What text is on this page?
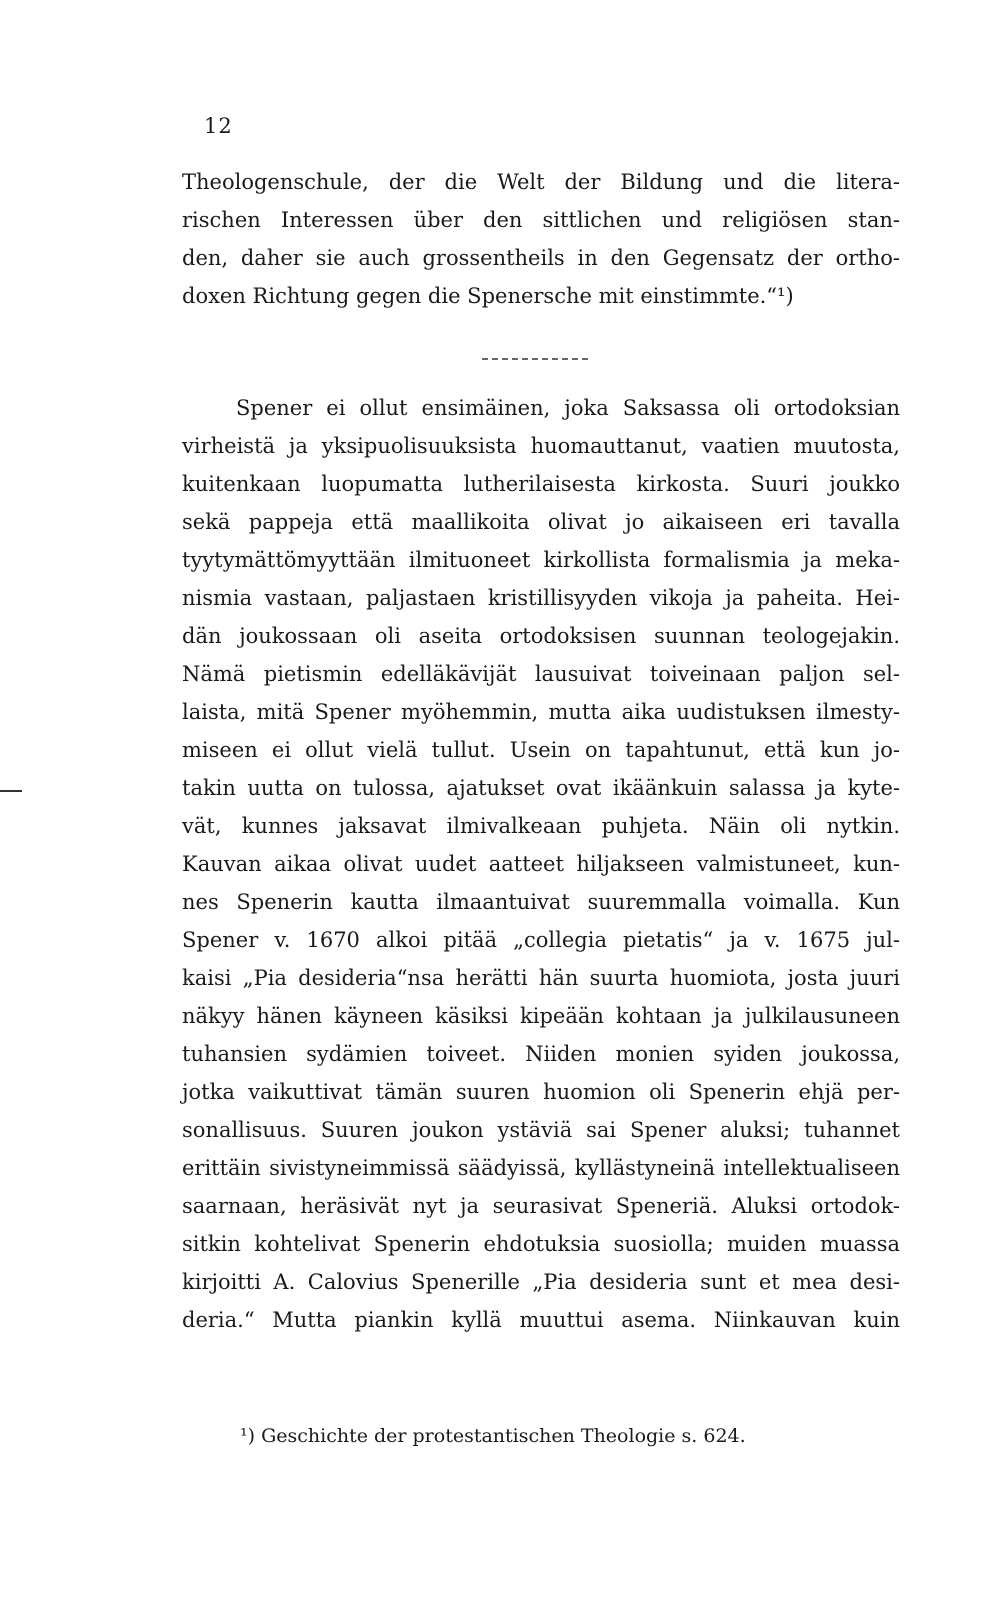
12
Theologenschule, der die Welt der Bildung und die litera-
rischen Interessen über den sittlichen und religiösen stan-
den, daher sie auch grossentheils in den Gegensatz der ortho-
doxen Richtung gegen die Spenersche mit einstimmte.“¹)
Spener ei ollut ensimäinen, joka Saksassa oli ortodoksian
virheistä ja yksipuolisuuksista huomauttanut, vaatien muutosta,
kuitenkaan luopumatta lutherilaisesta kirkosta. Suuri joukko
sekä pappeja että maallikoita olivat jo aikaiseen eri tavalla
tyytymättömyyttään ilmituoneet kirkollista formalismia ja meka-
nismia vastaan, paljastaen kristillisyyden vikoja ja paheita. Hei-
dän joukossaan oli aseita ortodoksisen suunnan teologejakin.
Nämä pietismin edelläkävijät lausuivat toiveinaan paljon sel-
laista, mitä Spener myöhemmin, mutta aika uudistuksen ilmesty-
miseen ei ollut vielä tullut. Usein on tapahtunut, että kun jo-
takin uutta on tulossa, ajatukset ovat ikäänkuin salassa ja kyte-
vät, kunnes jaksavat ilmivalkeaan puhjeta. Näin oli nytkin.
Kauvan aikaa olivat uudet aatteet hiljakseen valmistuneet, kun-
nes Spenerin kautta ilmaantuivat suuremmalla voimalla. Kun
Spener v. 1670 alkoi pitää „collegia pietatis“ ja v. 1675 jul-
kaisi „Pia desideria“nsa herätti hän suurta huomiota, josta juuri
näkyy hänen käyneen käsiksi kipeään kohtaan ja julkilausuneen
tuhansien sydämien toiveet. Niiden monien syiden joukossa,
jotka vaikuttivat tämän suuren huomion oli Spenerin ehjä per-
sonallisuus. Suuren joukon ystäviä sai Spener aluksi; tuhannet
erittäin sivistyneimmissä säädyissä, kyllästyneinä intellektualiseen
saarnaan, heräsivät nyt ja seurasivat Speneriä. Aluksi ortodok-
sitkin kohtelivat Spenerin ehdotuksia suosiolla; muiden muassa
kirjoitti A. Calovius Spenerille „Pia desideria sunt et mea desi-
deria.“ Mutta piankin kyllä muuttui asema. Niinkauvan kuin
¹) Geschichte der protestantischen Theologie s. 624.
